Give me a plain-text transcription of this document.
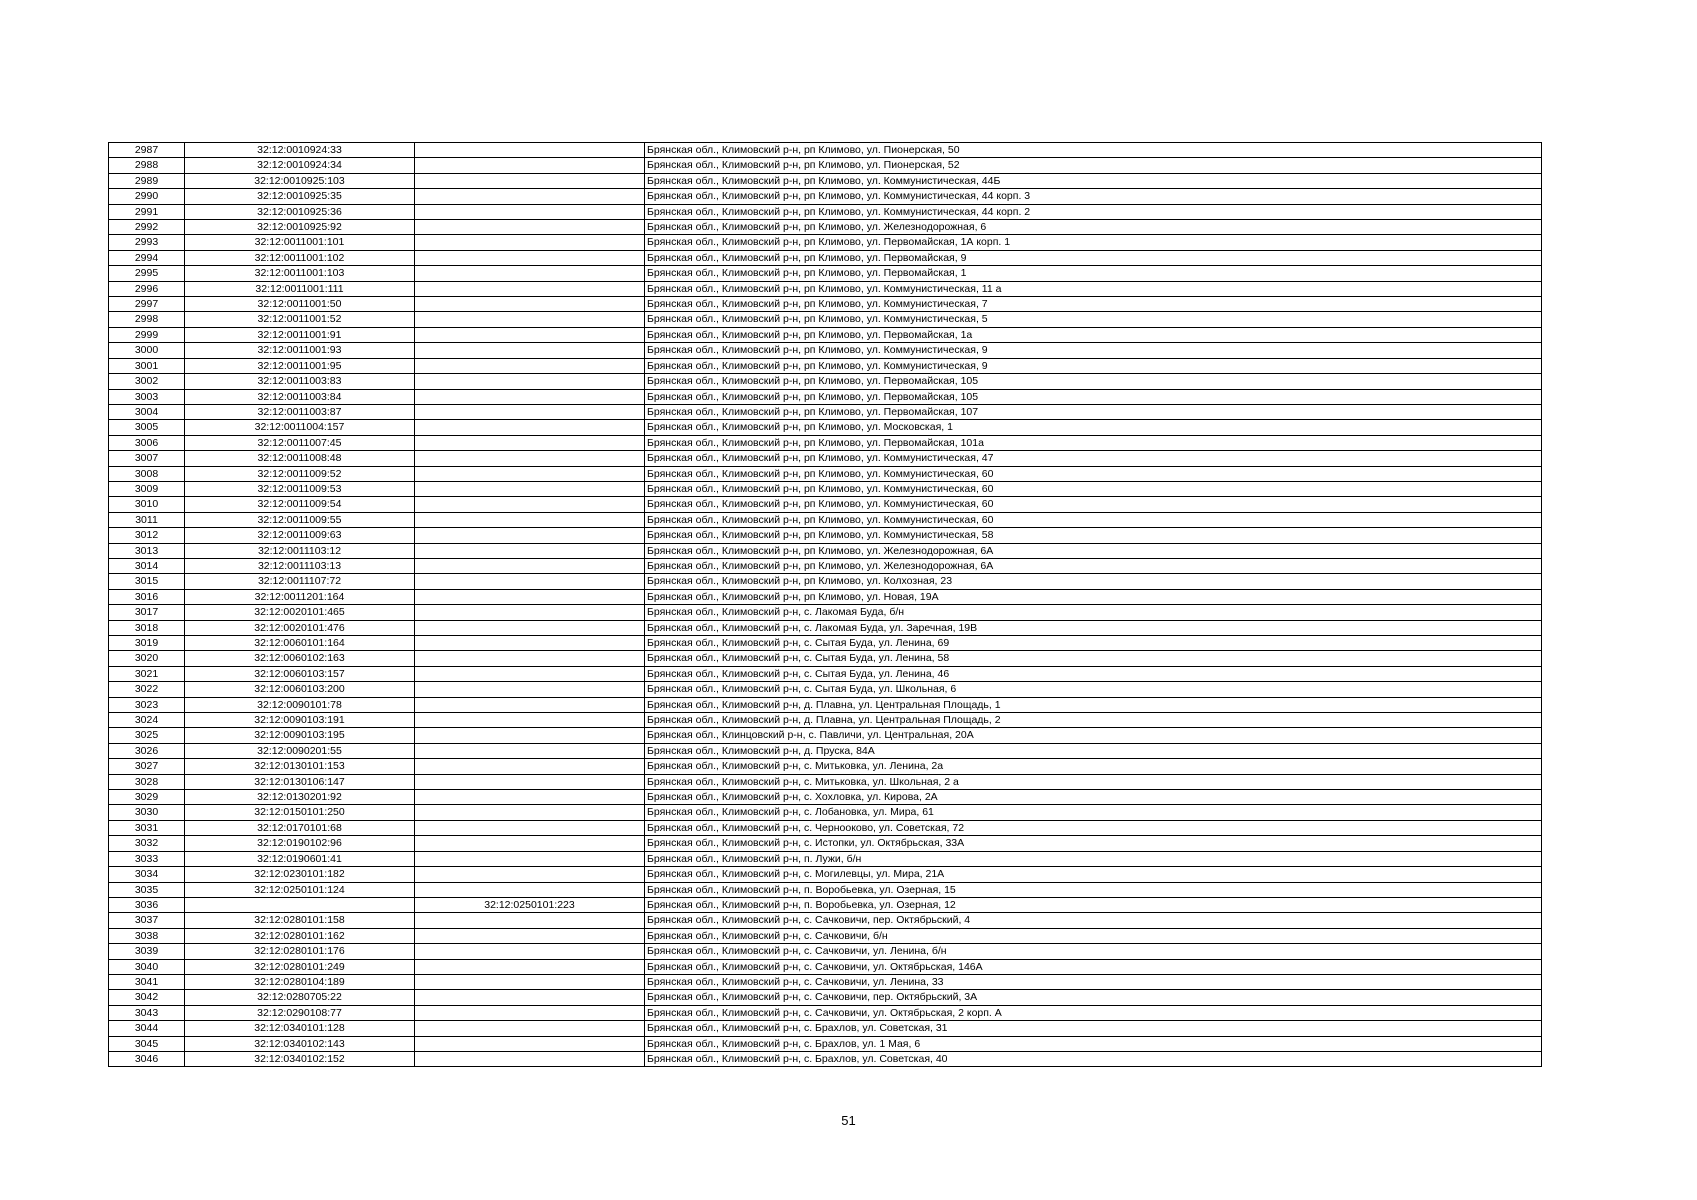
2987	32:12:0010924:33		Брянская обл., Климовский р-н, рп Климово, ул. Пионерская, 50
2988	32:12:0010924:34		Брянская обл., Климовский р-н, рп Климово, ул. Пионерская, 52
2989	32:12:0010925:103		Брянская обл., Климовский р-н, рп Климово, ул. Коммунистическая, 44Б
2990	32:12:0010925:35		Брянская обл., Климовский р-н, рп Климово, ул. Коммунистическая, 44 корп. 3
2991	32:12:0010925:36		Брянская обл., Климовский р-н, рп Климово, ул. Коммунистическая, 44 корп. 2
2992	32:12:0010925:92		Брянская обл., Климовский р-н, рп Климово, ул. Железнодорожная, 6
2993	32:12:0011001:101		Брянская обл., Климовский р-н, рп Климово, ул. Первомайская, 1А корп. 1
2994	32:12:0011001:102		Брянская обл., Климовский р-н, рп Климово, ул. Первомайская, 9
2995	32:12:0011001:103		Брянская обл., Климовский р-н, рп Климово, ул. Первомайская, 1
2996	32:12:0011001:111		Брянская обл., Климовский р-н, рп Климово, ул. Коммунистическая, 11 а
2997	32:12:0011001:50		Брянская обл., Климовский р-н, рп Климово, ул. Коммунистическая, 7
2998	32:12:0011001:52		Брянская обл., Климовский р-н, рп Климово, ул. Коммунистическая, 5
2999	32:12:0011001:91		Брянская обл., Климовский р-н, рп Климово, ул. Первомайская, 1а
3000	32:12:0011001:93		Брянская обл., Климовский р-н, рп Климово, ул. Коммунистическая, 9
3001	32:12:0011001:95		Брянская обл., Климовский р-н, рп Климово, ул. Коммунистическая, 9
3002	32:12:0011003:83		Брянская обл., Климовский р-н, рп Климово, ул. Первомайская, 105
3003	32:12:0011003:84		Брянская обл., Климовский р-н, рп Климово, ул. Первомайская, 105
3004	32:12:0011003:87		Брянская обл., Климовский р-н, рп Климово, ул. Первомайская, 107
3005	32:12:0011004:157		Брянская обл., Климовский р-н, рп Климово, ул. Московская, 1
3006	32:12:0011007:45		Брянская обл., Климовский р-н, рп Климово, ул. Первомайская, 101а
3007	32:12:0011008:48		Брянская обл., Климовский р-н, рп Климово, ул. Коммунистическая, 47
3008	32:12:0011009:52		Брянская обл., Климовский р-н, рп Климово, ул. Коммунистическая, 60
3009	32:12:0011009:53		Брянская обл., Климовский р-н, рп Климово, ул. Коммунистическая, 60
3010	32:12:0011009:54		Брянская обл., Климовский р-н, рп Климово, ул. Коммунистическая, 60
3011	32:12:0011009:55		Брянская обл., Климовский р-н, рп Климово, ул. Коммунистическая, 60
3012	32:12:0011009:63		Брянская обл., Климовский р-н, рп Климово, ул. Коммунистическая, 58
3013	32:12:0011103:12		Брянская обл., Климовский р-н, рп Климово, ул. Железнодорожная, 6А
3014	32:12:0011103:13		Брянская обл., Климовский р-н, рп Климово, ул. Железнодорожная, 6А
3015	32:12:0011107:72		Брянская обл., Климовский р-н, рп Климово, ул. Колхозная, 23
3016	32:12:0011201:164		Брянская обл., Климовский р-н, рп Климово, ул. Новая, 19А
3017	32:12:0020101:465		Брянская обл., Климовский р-н, с. Лакомая Буда, б/н
3018	32:12:0020101:476		Брянская обл., Климовский р-н, с. Лакомая Буда, ул. Заречная, 19В
3019	32:12:0060101:164		Брянская обл., Климовский р-н, с. Сытая Буда, ул. Ленина, 69
3020	32:12:0060102:163		Брянская обл., Климовский р-н, с. Сытая Буда, ул. Ленина, 58
3021	32:12:0060103:157		Брянская обл., Климовский р-н, с. Сытая Буда, ул. Ленина, 46
3022	32:12:0060103:200		Брянская обл., Климовский р-н, с. Сытая Буда, ул. Школьная, 6
3023	32:12:0090101:78		Брянская обл., Климовский р-н, д. Плавна, ул. Центральная Площадь, 1
3024	32:12:0090103:191		Брянская обл., Климовский р-н, д. Плавна, ул. Центральная Площадь, 2
3025	32:12:0090103:195		Брянская обл., Клинцовский р-н, с. Павличи, ул. Центральная, 20А
3026	32:12:0090201:55		Брянская обл., Климовский р-н, д. Пруска, 84А
3027	32:12:0130101:153		Брянская обл., Климовский р-н, с. Митьковка, ул. Ленина, 2а
3028	32:12:0130106:147		Брянская обл., Климовский р-н, с. Митьковка, ул. Школьная, 2 а
3029	32:12:0130201:92		Брянская обл., Климовский р-н, с. Хохловка, ул. Кирова, 2А
3030	32:12:0150101:250		Брянская обл., Климовский р-н, с. Лобановка, ул. Мира, 61
3031	32:12:0170101:68		Брянская обл., Климовский р-н, с. Чернооково, ул. Советская, 72
3032	32:12:0190102:96		Брянская обл., Климовский р-н, с. Истопки, ул. Октябрьская, 33А
3033	32:12:0190601:41		Брянская обл., Климовский р-н, п. Лужи, б/н
3034	32:12:0230101:182		Брянская обл., Климовский р-н, с. Могилевцы, ул. Мира, 21А
3035	32:12:0250101:124		Брянская обл., Климовский р-н, п. Воробьевка, ул. Озерная, 15
3036		32:12:0250101:223	Брянская обл., Климовский р-н, п. Воробьевка, ул. Озерная, 12
3037	32:12:0280101:158		Брянская обл., Климовский р-н, с. Сачковичи, пер. Октябрьский, 4
3038	32:12:0280101:162		Брянская обл., Климовский р-н, с. Сачковичи, б/н
3039	32:12:0280101:176		Брянская обл., Климовский р-н, с. Сачковичи, ул. Ленина, б/н
3040	32:12:0280101:249		Брянская обл., Климовский р-н, с. Сачковичи, ул. Октябрьская, 146А
3041	32:12:0280104:189		Брянская обл., Климовский р-н, с. Сачковичи, ул. Ленина, 33
3042	32:12:0280705:22		Брянская обл., Климовский р-н, с. Сачковичи, пер. Октябрьский, 3А
3043	32:12:0290108:77		Брянская обл., Климовский р-н, с. Сачковичи, ул. Октябрьская, 2 корп. А
3044	32:12:0340101:128		Брянская обл., Климовский р-н, с. Брахлов, ул. Советская, 31
3045	32:12:0340102:143		Брянская обл., Климовский р-н, с. Брахлов, ул. 1 Мая, 6
3046	32:12:0340102:152		Брянская обл., Климовский р-н, с. Брахлов, ул. Советская, 40
51
